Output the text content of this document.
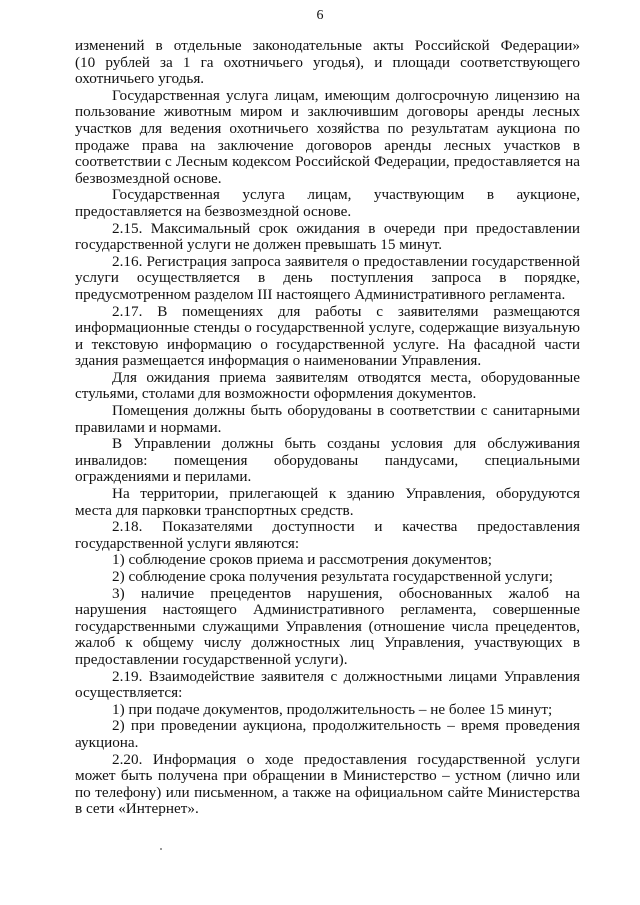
6
изменений в отдельные законодательные акты Российской Федерации»
(10 рублей за 1 га охотничьего угодья), и площади соответствующего
охотничьего угодья.
Государственная услуга лицам, имеющим долгосрочную лицензию на
пользование животным миром и заключившим договоры аренды лесных
участков для ведения охотничьего хозяйства по результатам аукциона по
продаже права на заключение договоров аренды лесных участков в
соответствии с Лесным кодексом Российской Федерации, предоставляется на
безвозмездной основе.
Государственная услуга лицам, участвующим в аукционе,
предоставляется на безвозмездной основе.
2.15. Максимальный срок ожидания в очереди при предоставлении
государственной услуги не должен превышать 15 минут.
2.16. Регистрация запроса заявителя о предоставлении государственной
услуги осуществляется в день поступления запроса в порядке,
предусмотренном разделом III настоящего Административного регламента.
2.17. В помещениях для работы с заявителями размещаются
информационные стенды о государственной услуге, содержащие визуальную
и текстовую информацию о государственной услуге. На фасадной части
здания размещается информация о наименовании Управления.
Для ожидания приема заявителям отводятся места, оборудованные
стульями, столами для возможности оформления документов.
Помещения должны быть оборудованы в соответствии с санитарными
правилами и нормами.
В Управлении должны быть созданы условия для обслуживания
инвалидов: помещения оборудованы пандусами, специальными
ограждениями и перилами.
На территории, прилегающей к зданию Управления, оборудуются
места для парковки транспортных средств.
2.18. Показателями доступности и качества предоставления
государственной услуги являются:
1) соблюдение сроков приема и рассмотрения документов;
2) соблюдение срока получения результата государственной услуги;
3) наличие прецедентов нарушения, обоснованных жалоб на
нарушения настоящего Административного регламента, совершенные
государственными служащими Управления (отношение числа прецедентов,
жалоб к общему числу должностных лиц Управления, участвующих в
предоставлении государственной услуги).
2.19. Взаимодействие заявителя с должностными лицами Управления
осуществляется:
1) при подаче документов, продолжительность – не более 15 минут;
2) при проведении аукциона, продолжительность – время проведения
аукциона.
2.20. Информация о ходе предоставления государственной услуги
может быть получена при обращении в Министерство – устном (лично или
по телефону) или письменном, а также на официальном сайте Министерства
в сети «Интернет».
